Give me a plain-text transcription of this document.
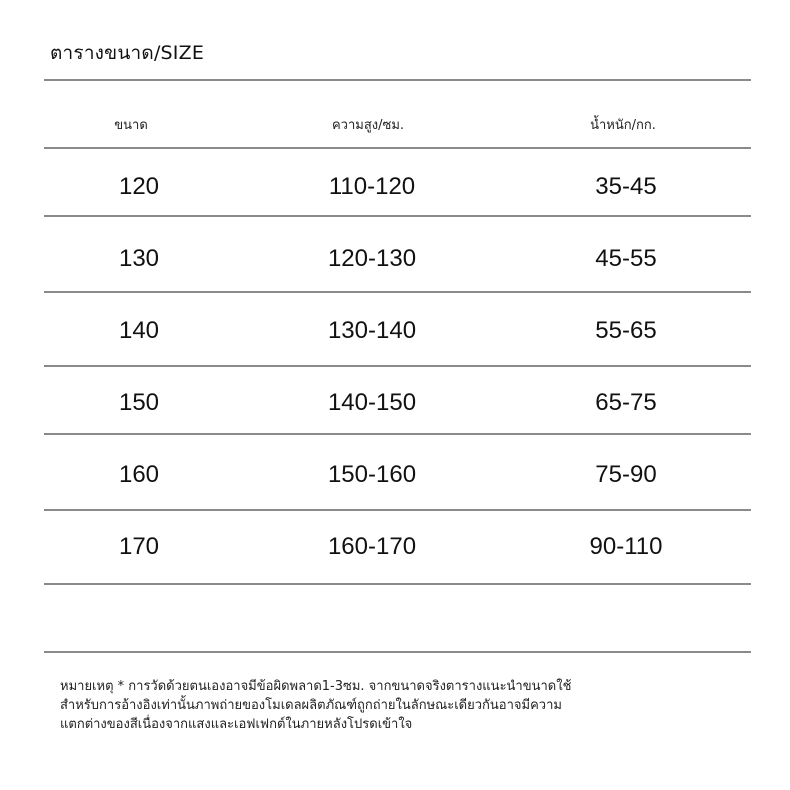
ตารางขนาด/SIZE
ขนาด	ความสูง/ซม.	น้ำหนัก/กก.
120	110-120	35-45
130	120-130	45-55
140	130-140	55-65
150	140-150	65-75
160	150-160	75-90
170	160-170	90-110
หมายเหตุ * การวัดด้วยตนเองอาจมีข้อผิดพลาด1-3ซม. จากขนาดจริงตารางแนะนำขนาดใช้
สำหรับการอ้างอิงเท่านั้นภาพถ่ายของโมเดลผลิตภัณฑ์ถูกถ่ายในลักษณะเดียวกันอาจมีความ
แตกต่างของสีเนื่องจากแสงและเอฟเฟกต์ในภายหลังโปรดเข้าใจ
